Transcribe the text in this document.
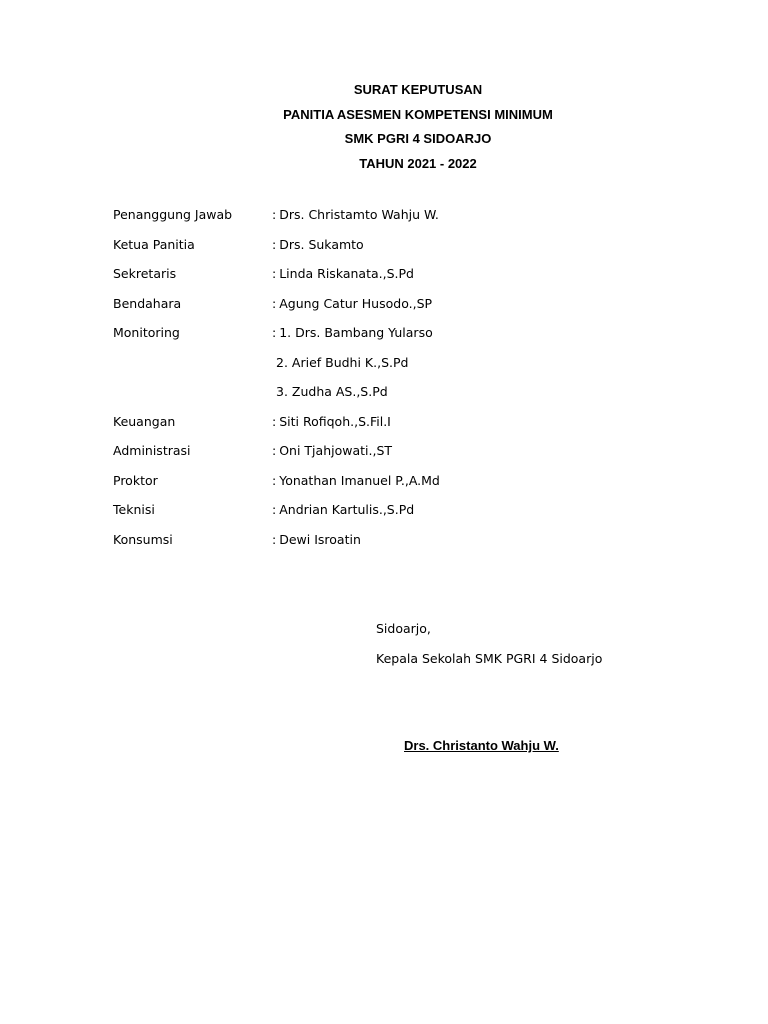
SURAT KEPUTUSAN
PANITIA ASESMEN KOMPETENSI MINIMUM
SMK PGRI 4 SIDOARJO
TAHUN 2021 - 2022
Penanggung Jawab	: Drs. Christamto Wahju W.
Ketua Panitia	: Drs. Sukamto
Sekretaris	: Linda Riskanata.,S.Pd
Bendahara	: Agung Catur Husodo.,SP
Monitoring	: 1. Drs. Bambang Yularso
2. Arief Budhi K.,S.Pd
3. Zudha AS.,S.Pd
Keuangan	: Siti Rofiqoh.,S.Fil.I
Administrasi	: Oni Tjahjowati.,ST
Proktor	: Yonathan Imanuel P.,A.Md
Teknisi	: Andrian Kartulis.,S.Pd
Konsumsi	: Dewi Isroatin
Sidoarjo,
Kepala Sekolah SMK PGRI 4 Sidoarjo
Drs. Christanto Wahju W.
